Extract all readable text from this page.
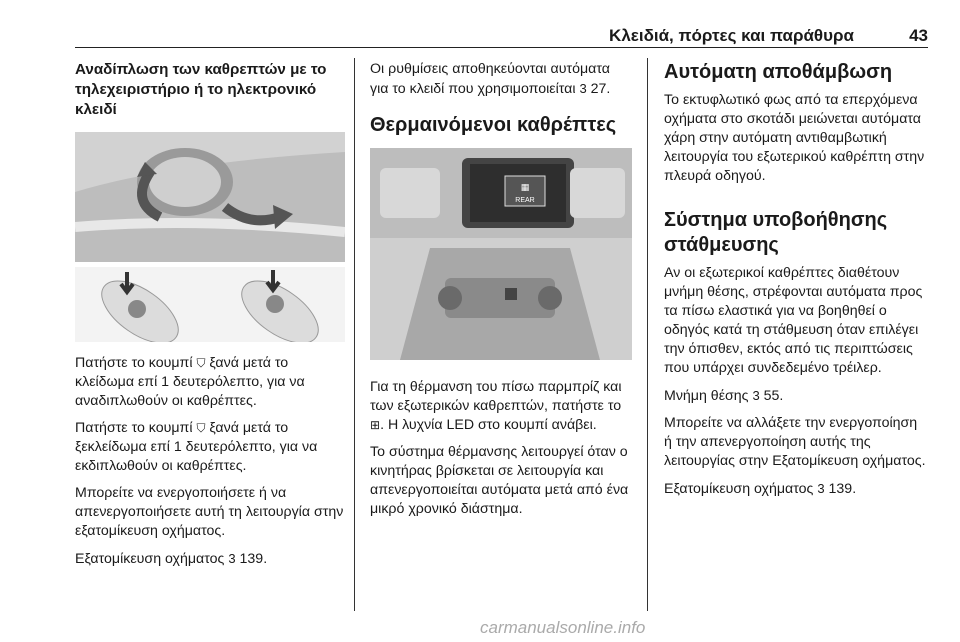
Κλειδιά, πόρτες και παράθυρα	43
Αναδίπλωση των καθρεπτών με το τηλεχειριστήριο ή το ηλεκτρονικό κλειδί

Πατήστε το κουμπί ⛉ ξανά μετά το κλείδωμα επί 1 δευτερόλεπτο, για να αναδιπλωθούν οι καθρέπτες.

Πατήστε το κουμπί ⛉ ξανά μετά το ξεκλείδωμα επί 1 δευτερόλεπτο, για να εκδιπλωθούν οι καθρέπτες.

Μπορείτε να ενεργοποιήσετε ή να απενεργοποιήσετε αυτή τη λειτουργία στην εξατομίκευση οχήματος.

Εξατομίκευση οχήματος 3 139.

Οι ρυθμίσεις αποθηκεύονται αυτόματα για το κλειδί που χρησιμοποιείται 3 27.

Θερμαινόμενοι καθρέπτες
▦
REAR

Για τη θέρμανση του πίσω παρμπρίζ και των εξωτερικών καθρεπτών, πατήστε το ⊞. Η λυχνία LED στο κουμπί ανάβει.

Το σύστημα θέρμανσης λειτουργεί όταν ο κινητήρας βρίσκεται σε λειτουργία και απενεργοποιείται αυτόματα μετά από ένα μικρό χρονικό διάστημα.

Αυτόματη αποθάμβωση

Το εκτυφλωτικό φως από τα επερχόμενα οχήματα στο σκοτάδι μειώνεται αυτόματα χάρη στην αυτόματη αντιθαμβωτική λειτουργία του εξωτερικού καθρέπτη στην πλευρά οδηγού.

Σύστημα υποβοήθησης στάθμευσης

Αν οι εξωτερικοί καθρέπτες διαθέτουν μνήμη θέσης, στρέφονται αυτόματα προς τα πίσω ελαστικά για να βοηθηθεί ο οδηγός κατά τη στάθμευση όταν επιλέγει την όπισθεν, εκτός από τις περιπτώσεις που υπάρχει συνδεδεμένο τρέιλερ.

Μνήμη θέσης 3 55.

Μπορείτε να αλλάξετε την ενεργοποίηση ή την απενεργοποίηση αυτής της λειτουργίας στην Εξατομίκευση οχήματος.

Εξατομίκευση οχήματος 3 139.

carmanualsonline.info
